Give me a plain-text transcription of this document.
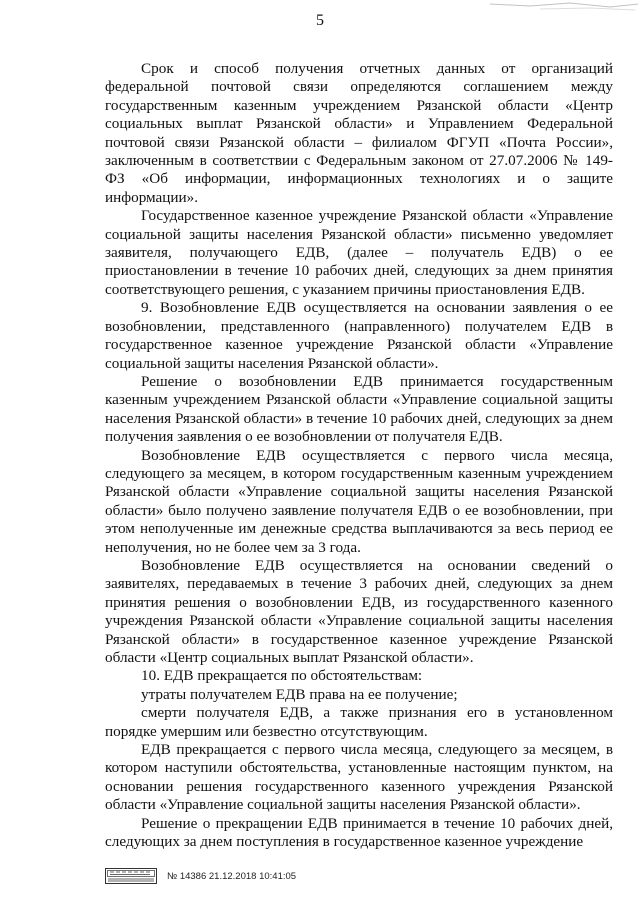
5

Срок и способ получения отчетных данных от организаций федеральной почтовой связи определяются соглашением между государственным казенным учреждением Рязанской области «Центр социальных выплат Рязанской области» и Управлением Федеральной почтовой связи Рязанской области – филиалом ФГУП «Почта России», заключенным в соответствии с Федеральным законом от 27.07.2006 № 149-ФЗ «Об информации, информационных технологиях и о защите информации».

Государственное казенное учреждение Рязанской области «Управление социальной защиты населения Рязанской области» письменно уведомляет заявителя, получающего ЕДВ, (далее – получатель ЕДВ) о ее приостановлении в течение 10 рабочих дней, следующих за днем принятия соответствующего решения, с указанием причины приостановления ЕДВ.

9. Возобновление ЕДВ осуществляется на основании заявления о ее возобновлении, представленного (направленного) получателем ЕДВ в государственное казенное учреждение Рязанской области «Управление социальной защиты населения Рязанской области».

Решение о возобновлении ЕДВ принимается государственным казенным учреждением Рязанской области «Управление социальной защиты населения Рязанской области» в течение 10 рабочих дней, следующих за днем получения заявления о ее возобновлении от получателя ЕДВ.

Возобновление ЕДВ осуществляется с первого числа месяца, следующего за месяцем, в котором государственным казенным учреждением Рязанской области «Управление социальной защиты населения Рязанской области» было получено заявление получателя ЕДВ о ее возобновлении, при этом неполученные им денежные средства выплачиваются за весь период ее неполучения, но не более чем за 3 года.

Возобновление ЕДВ осуществляется на основании сведений о заявителях, передаваемых в течение 3 рабочих дней, следующих за днем принятия решения о возобновлении ЕДВ, из государственного казенного учреждения Рязанской области «Управление социальной защиты населения Рязанской области» в государственное казенное учреждение Рязанской области «Центр социальных выплат Рязанской области».

10. ЕДВ прекращается по обстоятельствам:

утраты получателем ЕДВ права на ее получение;

смерти получателя ЕДВ, а также признания его в установленном порядке умершим или безвестно отсутствующим.

ЕДВ прекращается с первого числа месяца, следующего за месяцем, в котором наступили обстоятельства, установленные настоящим пунктом, на основании решения государственного казенного учреждения Рязанской области «Управление социальной защиты населения Рязанской области».

Решение о прекращении ЕДВ принимается в течение 10 рабочих дней, следующих за днем поступления в государственное казенное учреждение

№ 14386 21.12.2018 10:41:05
